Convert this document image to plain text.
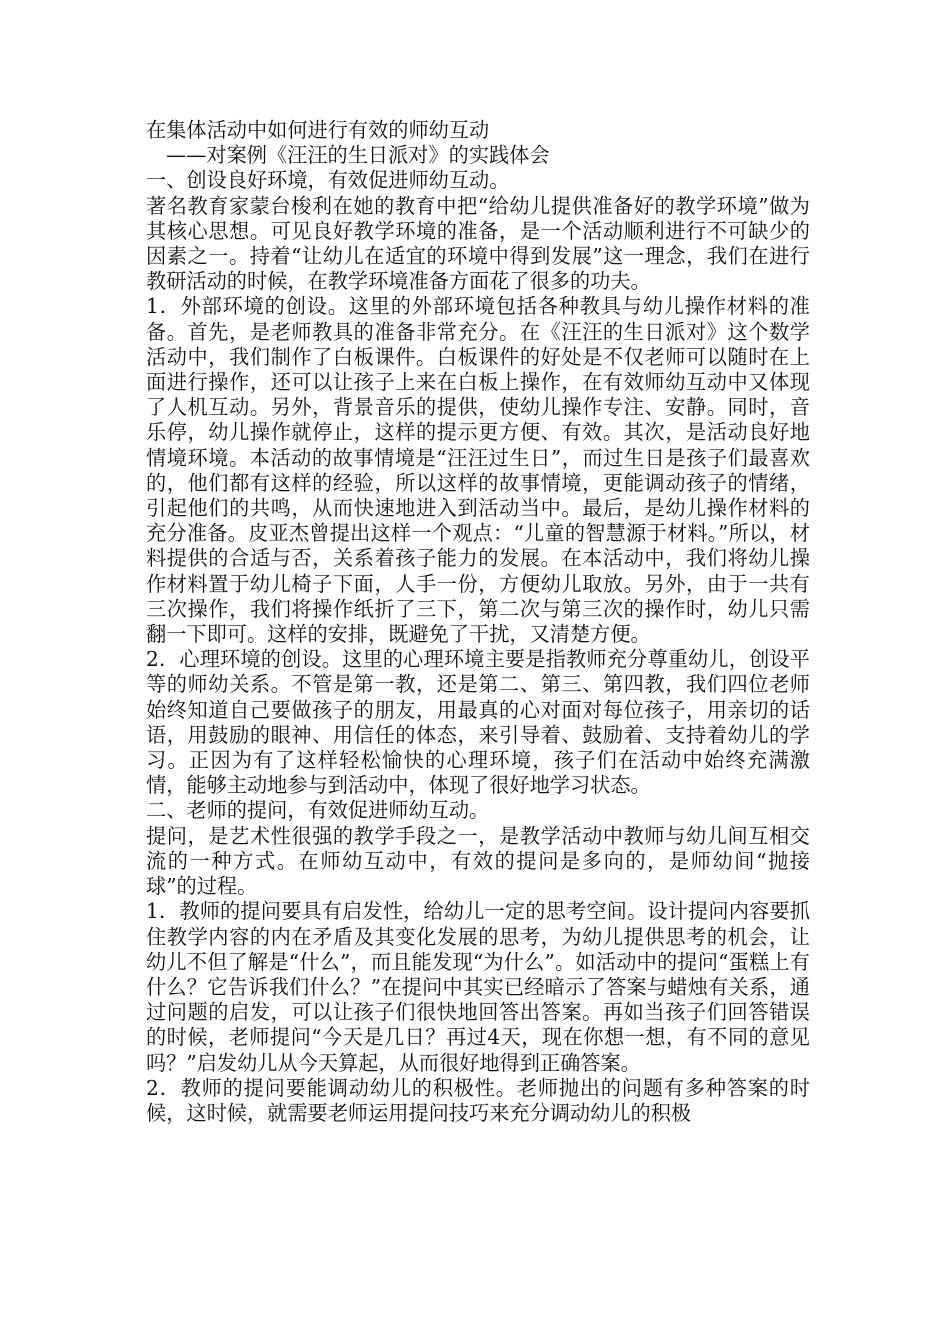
在集体活动中如何进行有效的师幼互动

——对案例《汪汪的生日派对》的实践体会

一、创设良好环境，有效促进师幼互动。

著名教育家蒙台梭利在她的教育中把“给幼儿提供准备好的教学环境”做为其核心思想。可见良好教学环境的准备，是一个活动顺利进行不可缺少的因素之一。持着“让幼儿在适宜的环境中得到发展”这一理念，我们在进行教研活动的时候，在教学环境准备方面花了很多的功夫。

1．外部环境的创设。这里的外部环境包括各种教具与幼儿操作材料的准备。首先，是老师教具的准备非常充分。在《汪汪的生日派对》这个数学活动中，我们制作了白板课件。白板课件的好处是不仅老师可以随时在上面进行操作，还可以让孩子上来在白板上操作，在有效师幼互动中又体现了人机互动。另外，背景音乐的提供，使幼儿操作专注、安静。同时，音乐停，幼儿操作就停止，这样的提示更方便、有效。其次，是活动良好地情境环境。本活动的故事情境是“汪汪过生日”，而过生日是孩子们最喜欢的，他们都有这样的经验，所以这样的故事情境，更能调动孩子的情绪，引起他们的共鸣，从而快速地进入到活动当中。最后，是幼儿操作材料的充分准备。皮亚杰曾提出这样一个观点：“儿童的智慧源于材料。”所以，材料提供的合适与否，关系着孩子能力的发展。在本活动中，我们将幼儿操作材料置于幼儿椅子下面，人手一份，方便幼儿取放。另外，由于一共有三次操作，我们将操作纸折了三下，第二次与第三次的操作时，幼儿只需翻一下即可。这样的安排，既避免了干扰，又清楚方便。

2．心理环境的创设。这里的心理环境主要是指教师充分尊重幼儿，创设平等的师幼关系。不管是第一教，还是第二、第三、第四教，我们四位老师始终知道自己要做孩子的朋友，用最真的心对面对每位孩子，用亲切的话语，用鼓励的眼神、用信任的体态，来引导着、鼓励着、支持着幼儿的学习。正因为有了这样轻松愉快的心理环境，孩子们在活动中始终充满激情，能够主动地参与到活动中，体现了很好地学习状态。

二、老师的提问，有效促进师幼互动。

提问，是艺术性很强的教学手段之一，是教学活动中教师与幼儿间互相交流的一种方式。在师幼互动中，有效的提问是多向的，是师幼间“抛接球”的过程。

1．教师的提问要具有启发性，给幼儿一定的思考空间。设计提问内容要抓住教学内容的内在矛盾及其变化发展的思考，为幼儿提供思考的机会，让幼儿不但了解是“什么”，而且能发现“为什么”。如活动中的提问“蛋糕上有什么？它告诉我们什么？”在提问中其实已经暗示了答案与蜡烛有关系，通过问题的启发，可以让孩子们很快地回答出答案。再如当孩子们回答错误的时候，老师提问“今天是几日？再过4天，现在你想一想，有不同的意见吗？”启发幼儿从今天算起，从而很好地得到正确答案。

2．教师的提问要能调动幼儿的积极性。老师抛出的问题有多种答案的时候，这时候，就需要老师运用提问技巧来充分调动幼儿的积极
